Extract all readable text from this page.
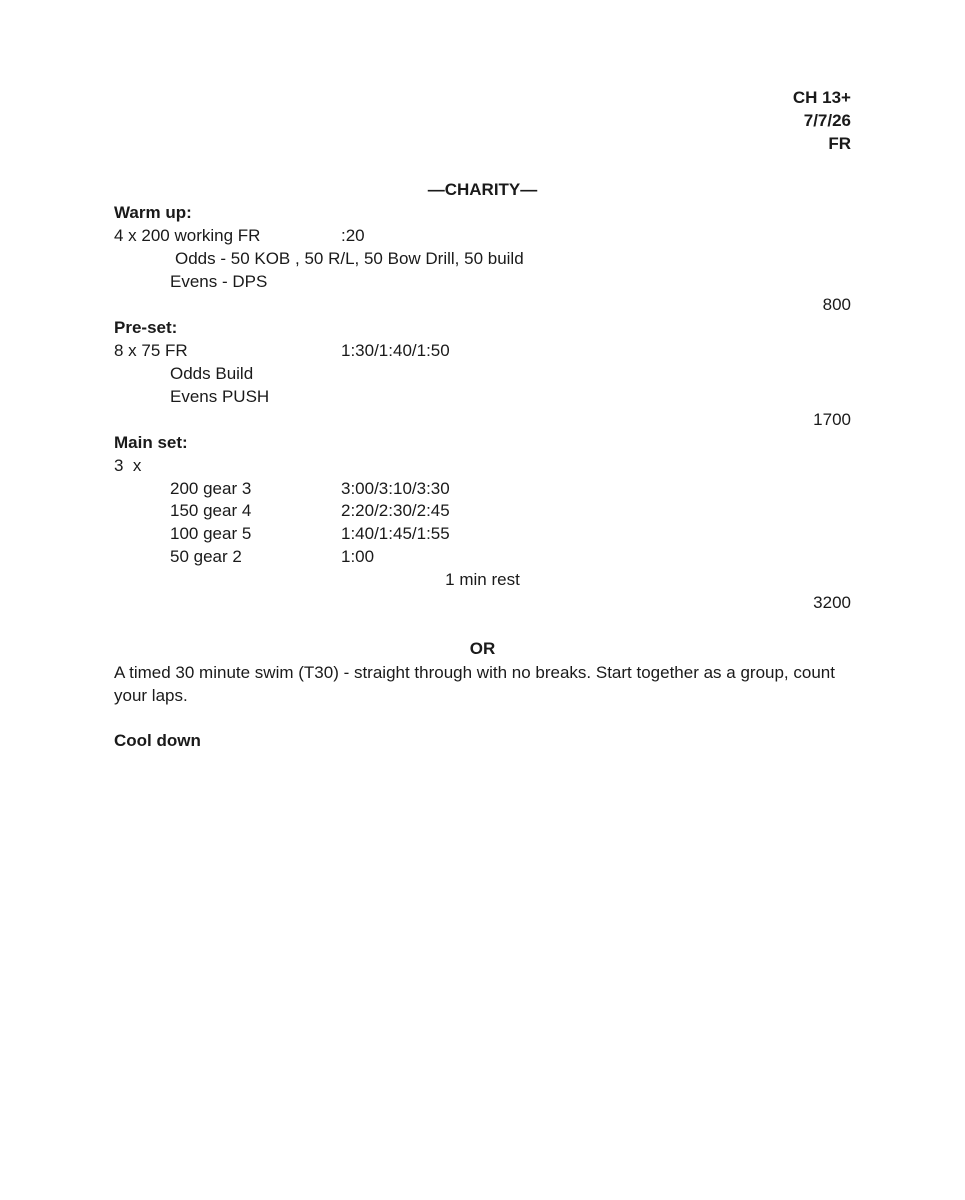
CH 13+
7/7/26
FR
—CHARITY—
Warm up:
4 x 200 working FR	:20
Odds - 50 KOB , 50 R/L, 50 Bow Drill, 50 build
Evens - DPS
800
Pre-set:
8 x 75 FR	1:30/1:40/1:50
Odds Build
Evens PUSH
1700
Main set:
3  x
200 gear 3	3:00/3:10/3:30
150 gear 4	2:20/2:30/2:45
100 gear 5	1:40/1:45/1:55
50 gear 2	1:00
1 min rest
3200
OR
A timed 30 minute swim (T30) - straight through with no breaks. Start together as a group, count your laps.
Cool down
